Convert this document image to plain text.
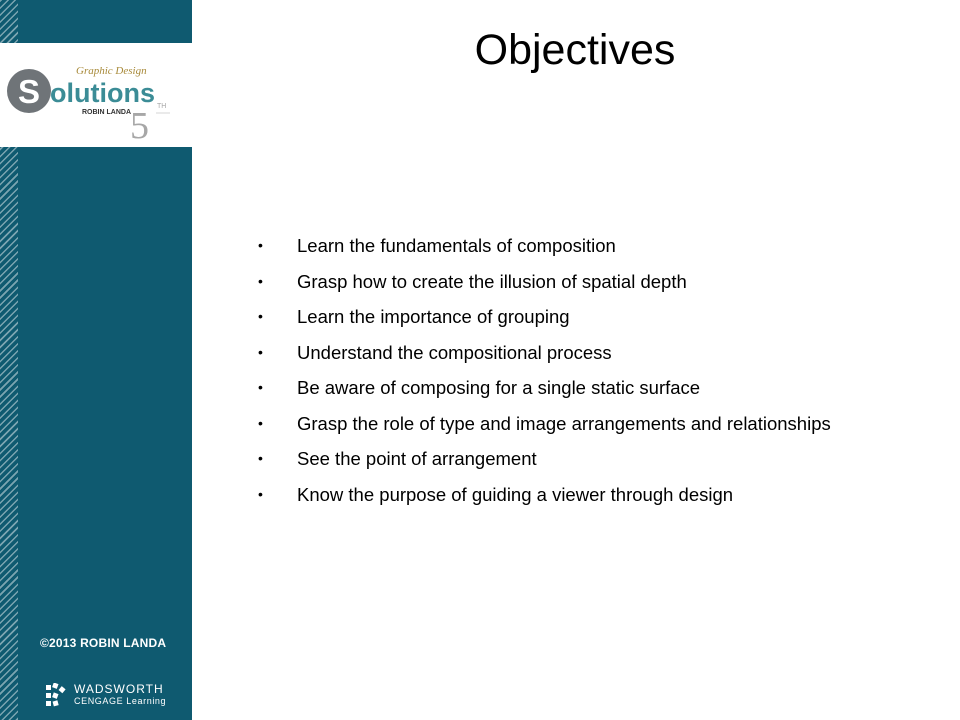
Graphic Design
S olutions
ROBIN LANDA 5 TH
©2013 ROBIN LANDA
WADSWORTH
CENGAGE Learning
Objectives
• Learn the fundamentals of composition
• Grasp how to create the illusion of spatial depth
• Learn the importance of grouping
• Understand the compositional process
• Be aware of composing for a single static surface
• Grasp the role of type and image arrangements and relationships
• See the point of arrangement
• Know the purpose of guiding a viewer through design
